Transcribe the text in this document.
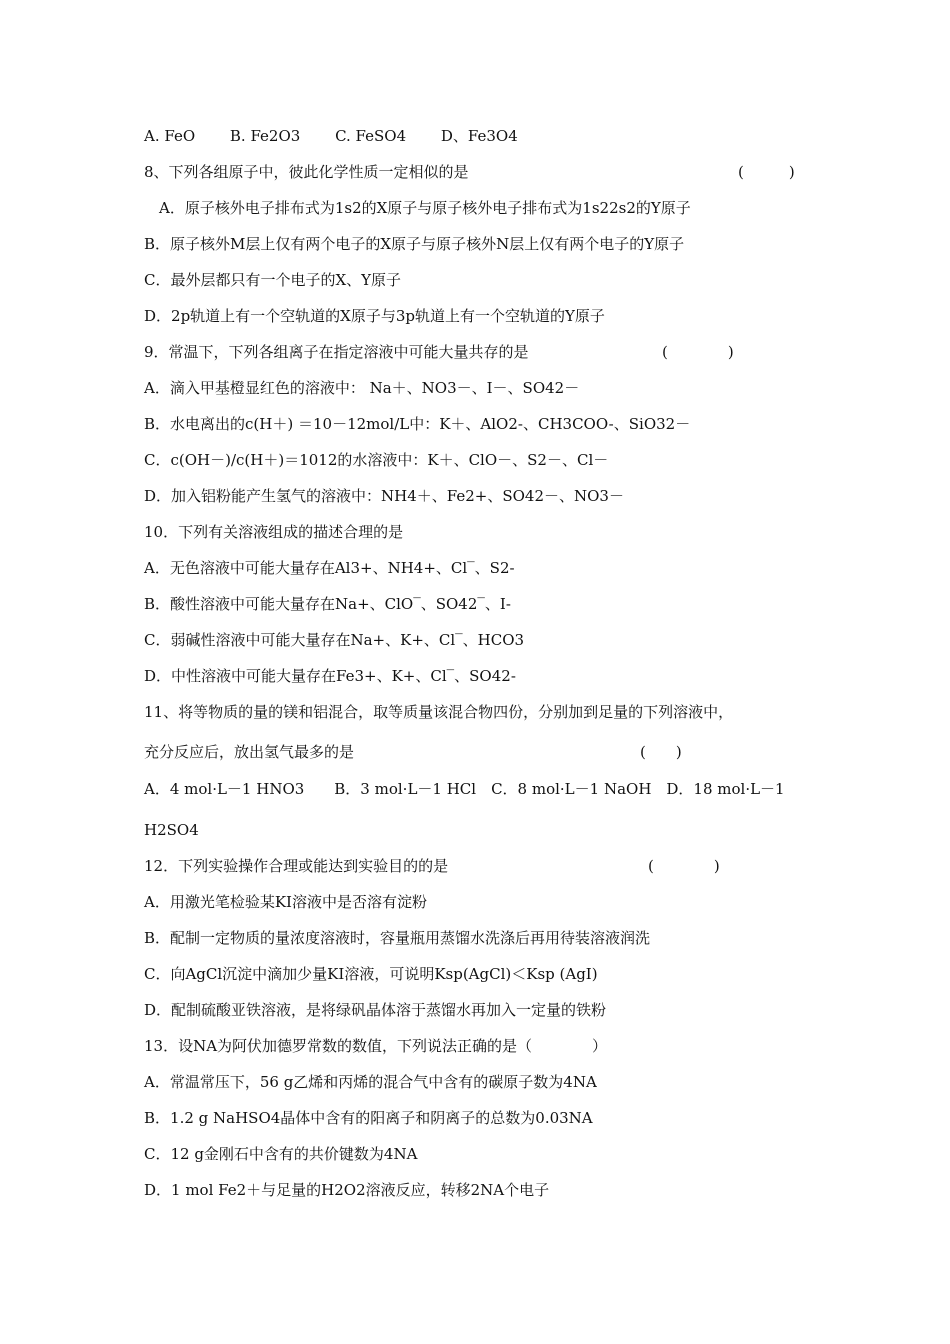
A. FeO　　 B. Fe2O3 　　C. FeSO4 　　D、Fe3O4
8、下列各组原子中，彼此化学性质一定相似的是	(　　　)
　A．原子核外电子排布式为1s2的X原子与原子核外电子排布式为1s22s2的Y原子
B．原子核外M层上仅有两个电子的X原子与原子核外N层上仅有两个电子的Y原子
C．最外层都只有一个电子的X、Y原子
D．2p轨道上有一个空轨道的X原子与3p轨道上有一个空轨道的Y原子
9．常温下，下列各组离子在指定溶液中可能大量共存的是	(　　　　)
A．滴入甲基橙显红色的溶液中： Na＋、NO3－、I－、SO42－
B．水电离出的c(H＋) ＝10－12mol/L中：K＋、AlO2-、CH3COO-、SiO32－
C．c(OH－)/c(H＋)＝1012的水溶液中：K＋、ClO－、S2－、Cl－
D．加入铝粉能产生氢气的溶液中：NH4＋、Fe2+、SO42－、NO3－
10．下列有关溶液组成的描述合理的是
A．无色溶液中可能大量存在Al3+、NH4+、Cl‾、S2-
B．酸性溶液中可能大量存在Na+、ClO‾、SO42‾、I-
C．弱碱性溶液中可能大量存在Na+、K+、Cl‾、HCO3
D．中性溶液中可能大量存在Fe3+、K+、Cl‾、SO42-
11、将等物质的量的镁和铝混合，取等质量该混合物四份，分别加到足量的下列溶液中，
充分反应后，放出氢气最多的是	(　　)
A．4 mol·L－1 HNO3　　B．3 mol·L－1 HCl　C．8 mol·L－1 NaOH　D．18 mol·L－1
H2SO4
12．下列实验操作合理或能达到实验目的的是	(　　　　)
A．用激光笔检验某KI溶液中是否溶有淀粉
B．配制一定物质的量浓度溶液时，容量瓶用蒸馏水洗涤后再用待装溶液润洗
C．向AgCl沉淀中滴加少量KI溶液，可说明Ksp(AgCl)＜Ksp (AgI)
D．配制硫酸亚铁溶液，是将绿矾晶体溶于蒸馏水再加入一定量的铁粉
13．设NA为阿伏加德罗常数的数值，下列说法正确的是（　　　　）
A．常温常压下，56 g乙烯和丙烯的混合气中含有的碳原子数为4NA
B．1.2 g NaHSO4晶体中含有的阳离子和阴离子的总数为0.03NA
C．12 g金刚石中含有的共价键数为4NA
D．1 mol Fe2＋与足量的H2O2溶液反应，转移2NA个电子
